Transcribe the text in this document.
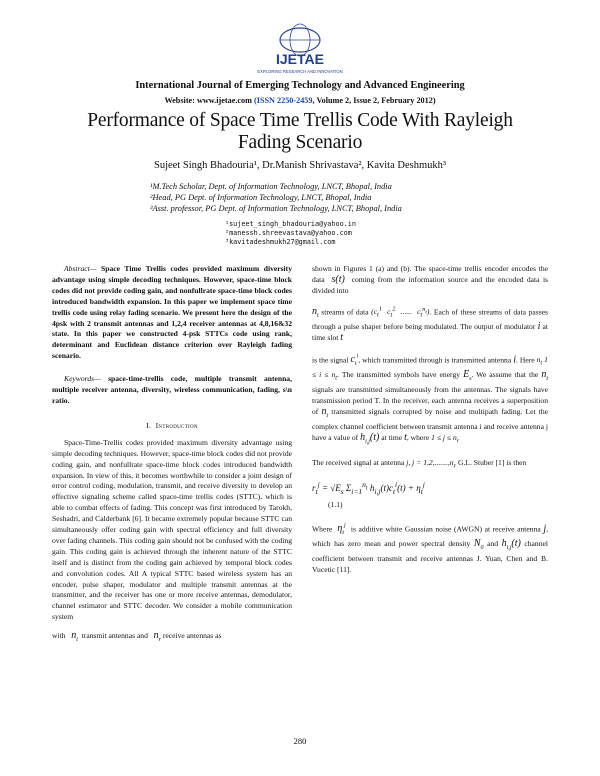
IJETAE
EXPLORING RESEARCH AND INNOVATION
International Journal of Emerging Technology and Advanced Engineering
Website: www.ijetae.com (ISSN 2250-2459, Volume 2, Issue 2, February 2012)
Performance of Space Time Trellis Code With Rayleigh
Fading Scenario
Sujeet Singh Bhadouria¹, Dr.Manish Shrivastava², Kavita Deshmukh³
¹M.Tech Scholar, Dept. of Information Technology, LNCT, Bhopal, India
²Head, PG Dept. of Information Technology, LNCT, Bhopal, India
³Asst. professor, PG Dept. of Information Technology, LNCT, Bhopal, India
¹sujeet_singh_bhadouria@yahoo.in
²manessh.shreevastava@yahoo.com
³kavitadeshmukh27@gmail.com

Abstract— Space Time Trellis codes provided maximum diversity advantage using simple decoding techniques. However, space-time block codes did not provide coding gain, and nonfullrate space-time block codes introduced bandwidth expansion. In this paper we implement space time trellis code using relay fading scenario. We present here the design of the 4psk with 2 transmit antennas and 1,2,4 receiver antennas at 4,8,16&32 state. In this paper we constructed 4-psk STTCs code using rank, determinant and Euclidean distance criterion over Rayleigh fading scenario.

Keywords— space-time-trellis code, multiple transmit antenna, multiple receiver antenna, diversity, wireless communication, fading, s\n ratio.

I. Introduction

Space-Time-Trellis codes provided maximum diversity advantage using simple decoding techniques. However, space-time block codes did not provide coding gain, and nonfullrate space-time block codes introduced bandwidth expansion. In view of this, it becomes worthwhile to consider a joint design of error control coding, modulation, transmit, and receive diversity to develop an effective signaling scheme called space-time trellis codes (STTC), which is able to combat effects of fading. This concept was first introduced by Tarokh, Seshadri, and Calderbank [6]. It became extremely popular because STTC can simultaneously offer coding gain with spectral efficiency and full diversity over fading channels. This coding gain should not be confused with the coding gain. This coding gain is achieved through the inherent nature of the STTC itself and is distinct from the coding gain achieved by temporal block codes and convolution codes. All A typical STTC based wireless system has an encoder, pulse shaper, modulator and multiple transmit antennas at the transmitter, and the receiver has one or more receive antennas, demodulator, channel estimator and STTC decoder. We consider a mobile communication system

with $n_t$ transmit antennas and $n_r$ receive antennas as

shown in Figures 1 (a) and (b). The space-time trellis encoder encodes the data s(t) coming from the information source and the encoded data is divided into

$n_t$ streams of data ($c_t^1$  $c_t^2$  ......  $c_t^{n_t}$). Each of these streams of data passes through a pulse shaper before being modulated. The output of modulator i at time slot t

is the signal $c_t^i$, which transmitted through is transmitted antenna i. Here $n_t$ $1 \le i \le n_t$. The transmitted symbols have energy $E_s$. We assume that the $n_t$ signals are transmitted simultaneously from the antennas. The signals have transmission period T. In the receiver, each antenna receives a superposition of $n_t$ transmitted signals corrupted by noise and multipath fading. Let the complex channel coefficient between transmit antenna i and receive antenna j have a value of $h_{i,j}(t)$ at time t, where $1 \le j \le n_r$

The received signal at antenna j, $j = 1,2,.......,n_r$ G.L. Stuber [1] is then

$r_t^j = √E_s$ $\Sigma_{i=1}^{n_t}$ $h_{i,j}(t)c_t^i(t) + \eta_t^j$
(1.1)

Where $\eta_t^j$ is additive white Gaussian noise (AWGN) at receive antenna j, which has zero mean and power spectral density $N_0$ and $h_{i,j}(t)$ channel coefficient between transmit and receive antennas J. Yuan, Chen and B. Vucetic [11].

280
